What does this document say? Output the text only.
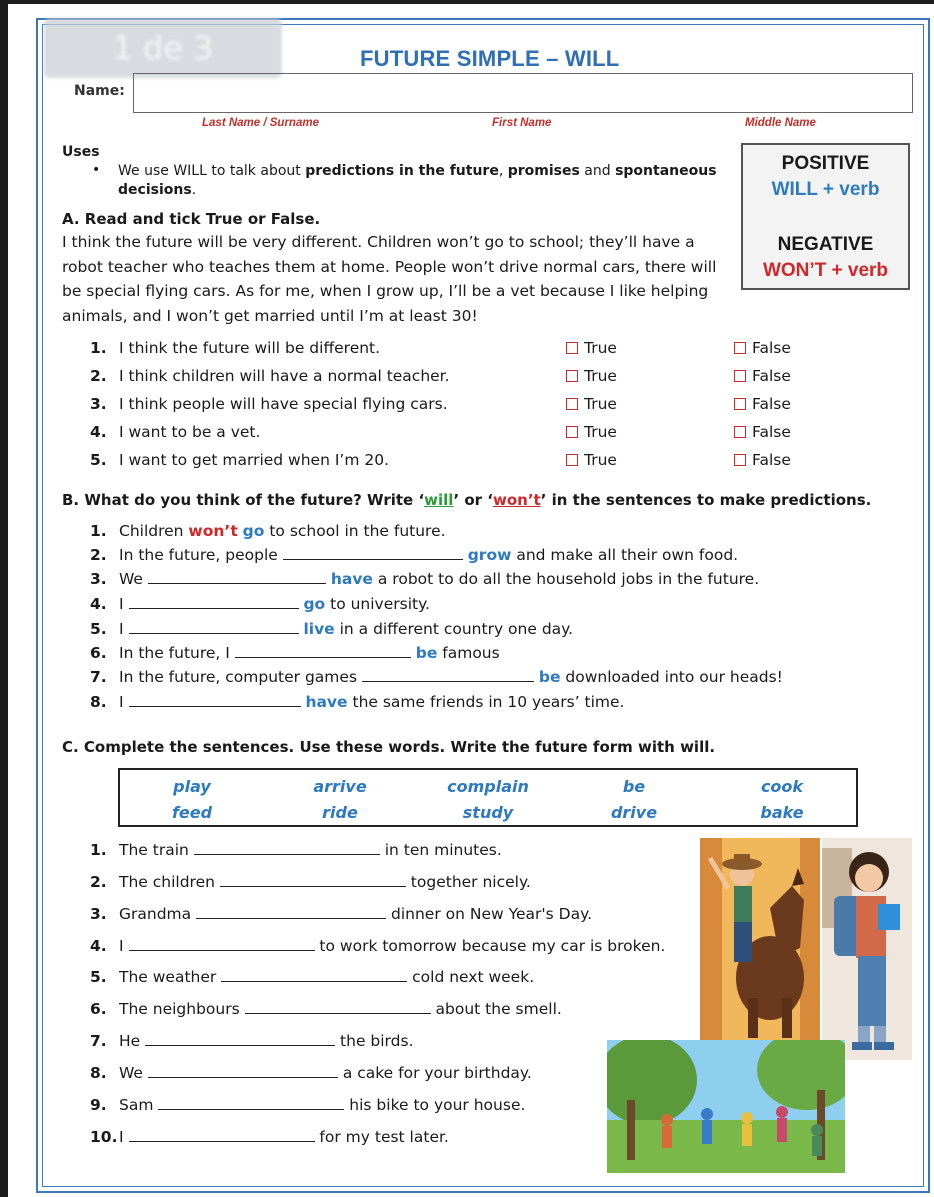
1 de 3	FUTURE SIMPLE – WILL
Name:
Last Name / Surname	First Name	Middle Name
Uses
• We use WILL to talk about predictions in the future, promises and spontaneous decisions.
POSITIVE
WILL + verb
NEGATIVE
WON’T + verb
A. Read and tick True or False.
I think the future will be very different. Children won’t go to school; they’ll have a robot teacher who teaches them at home. People won’t drive normal cars, there will be special flying cars. As for me, when I grow up, I’ll be a vet because I like helping animals, and I won’t get married until I’m at least 30!
1. I think the future will be different.	True	False
2. I think children will have a normal teacher.	True	False
3. I think people will have special flying cars.	True	False
4. I want to be a vet.	True	False
5. I want to get married when I’m 20.	True	False
B. What do you think of the future? Write ‘will’ or ‘won’t’ in the sentences to make predictions.
1. Children won’t go to school in the future.
2. In the future, people	grow and make all their own food.
3. We	have a robot to do all the household jobs in the future.
4. I	go to university.
5. I	live in a different country one day.
6. In the future, I	be famous
7. In the future, computer games	be downloaded into our heads!
8. I	have the same friends in 10 years’ time.
C. Complete the sentences. Use these words. Write the future form with will.
play	arrive	complain	be	cook
feed	ride	study	drive	bake
1. The train	in ten minutes.
2. The children	together nicely.
3. Grandma	dinner on New Year's Day.
4. I	to work tomorrow because my car is broken.
5. The weather	cold next week.
6. The neighbours	about the smell.
7. He	the birds.
8. We	a cake for your birthday.
9. Sam	his bike to your house.
10.I	for my test later.
